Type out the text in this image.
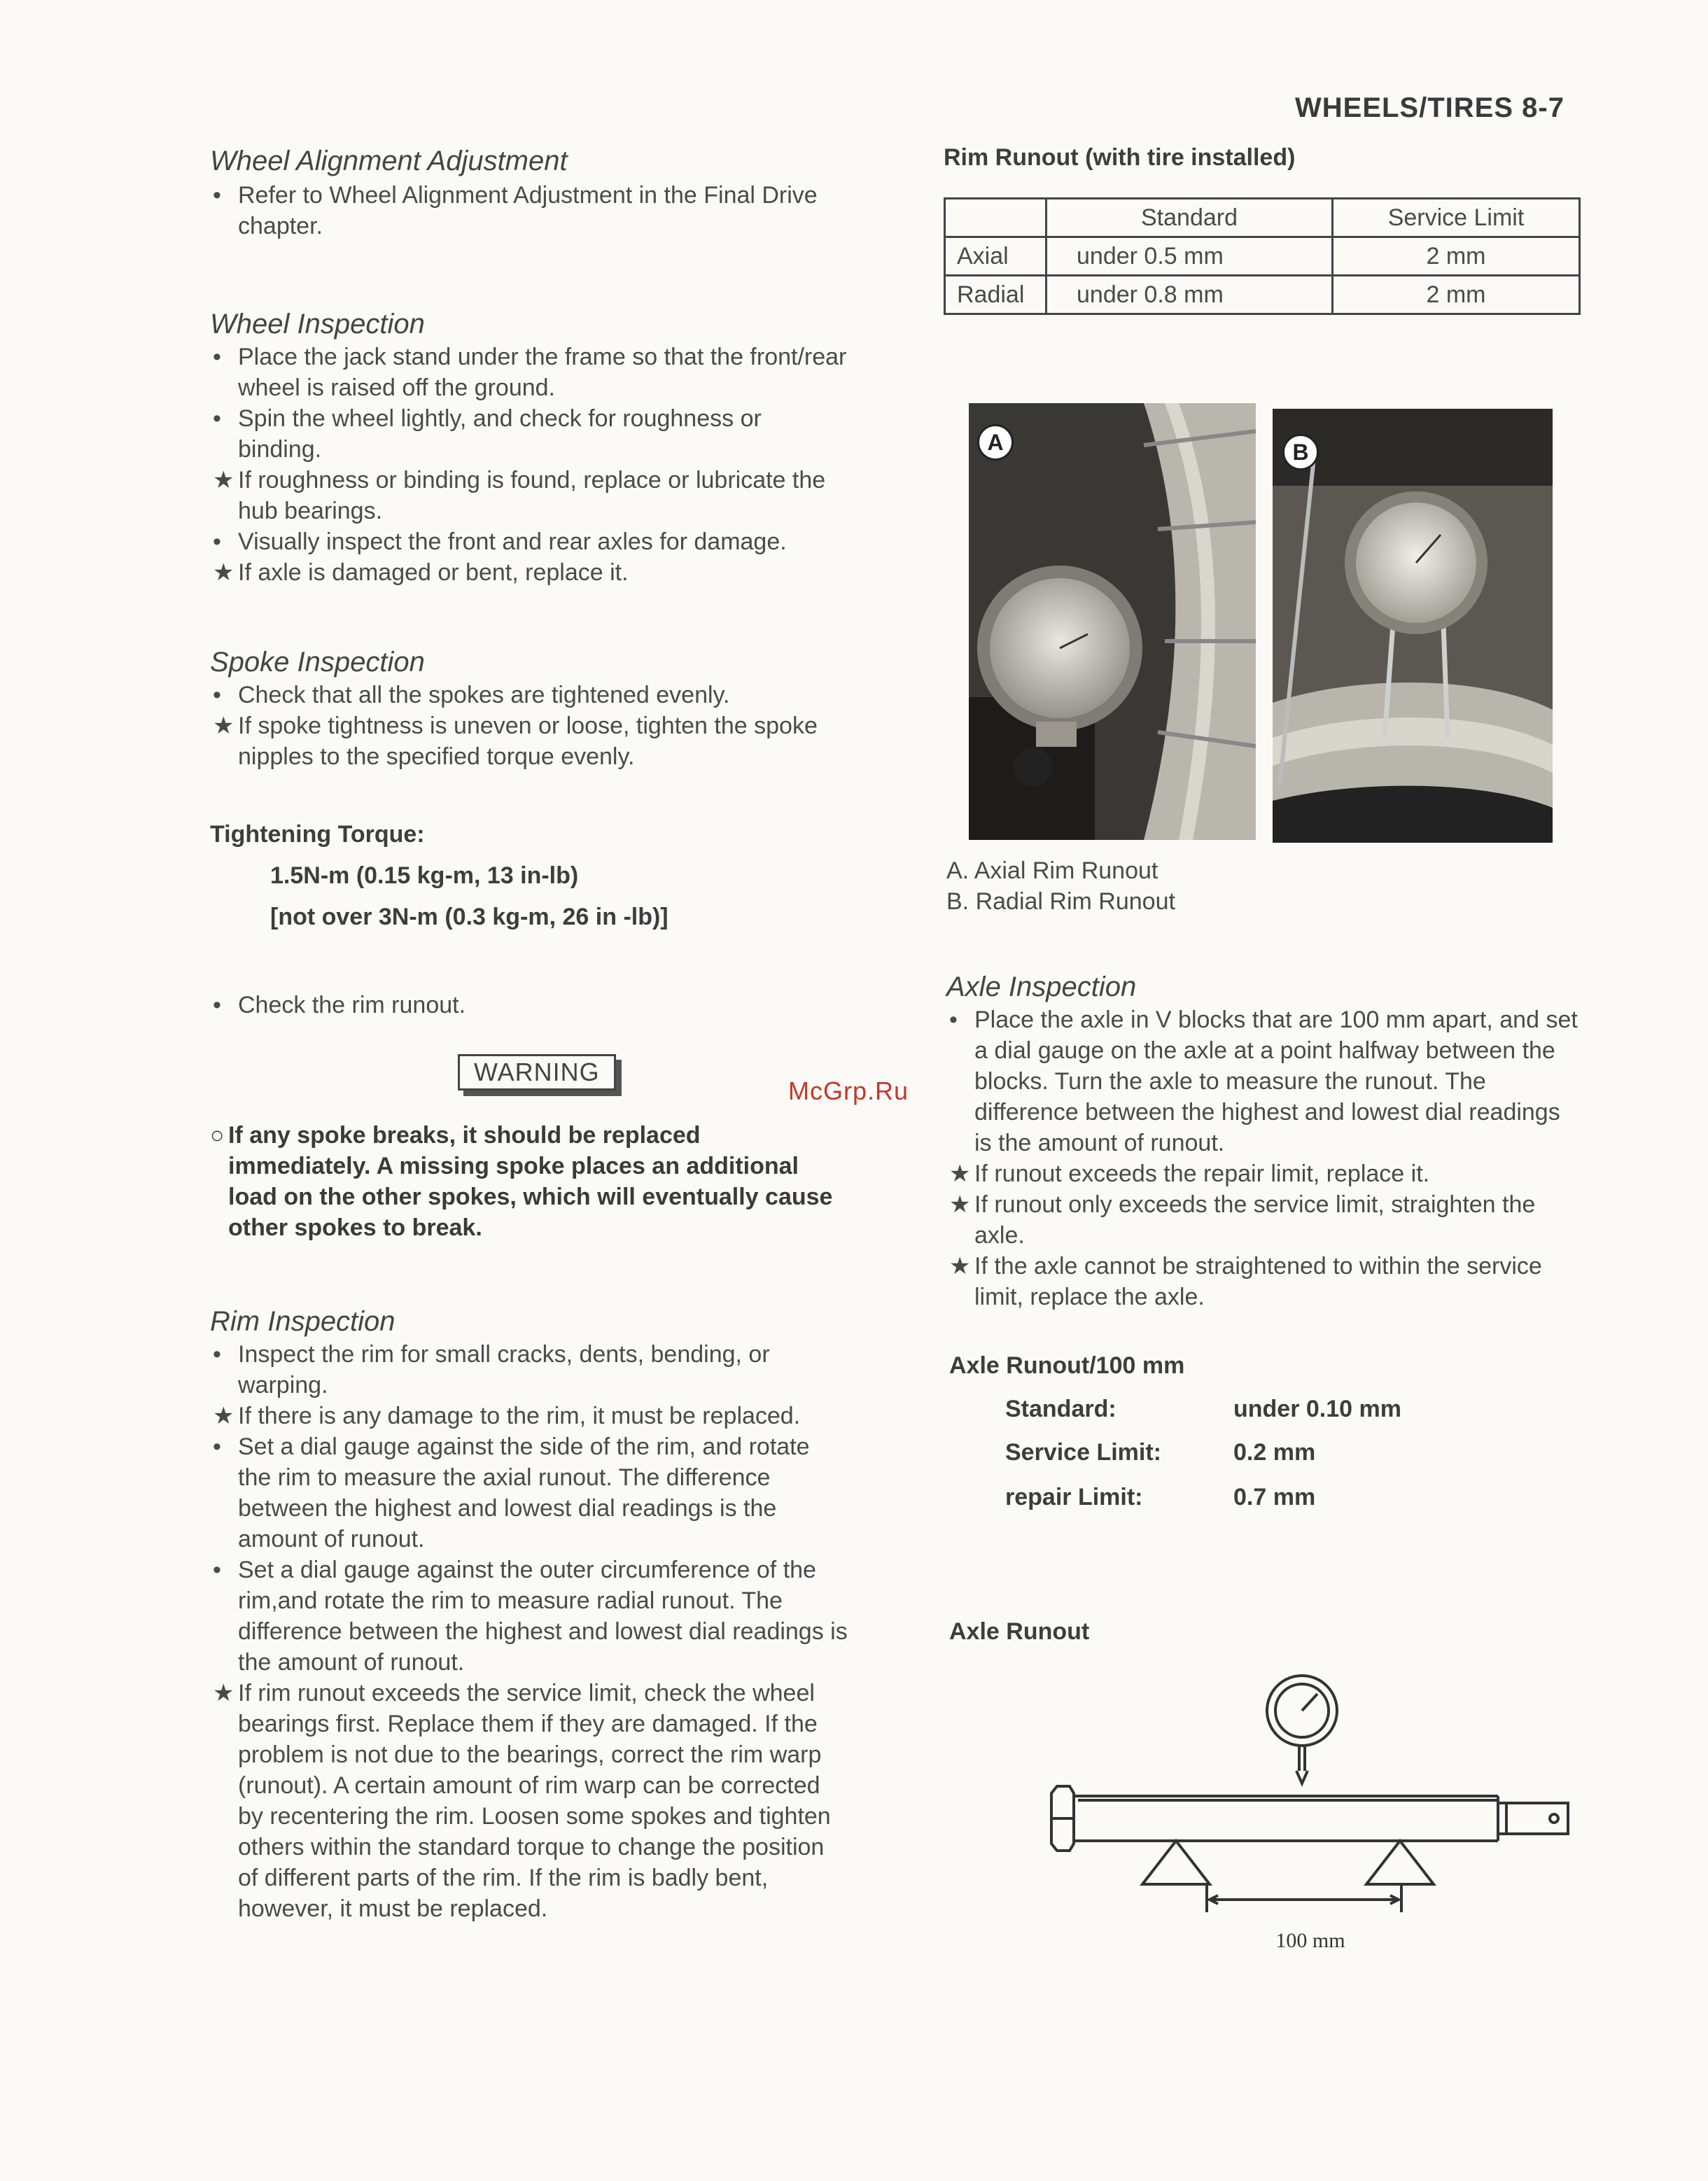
WHEELS/TIRES 8-7
Wheel Alignment Adjustment
• Refer to Wheel Alignment Adjustment in the Final Drive chapter.
Wheel Inspection
• Place the jack stand under the frame so that the front/rear wheel is raised off the ground.
• Spin the wheel lightly, and check for roughness or binding.
★ If roughness or binding is found, replace or lubricate the hub bearings.
• Visually inspect the front and rear axles for damage.
★ If axle is damaged or bent, replace it.
Spoke Inspection
• Check that all the spokes are tightened evenly.
★ If spoke tightness is uneven or loose, tighten the spoke nipples to the specified torque evenly.
Tightening Torque:
1.5N-m (0.15 kg-m, 13 in-lb)
[not over 3N-m (0.3 kg-m, 26 in -lb)]
• Check the rim runout.
WARNING
○ If any spoke breaks, it should be replaced immediately. A missing spoke places an additional load on the other spokes, which will eventually cause other spokes to break.
Rim Inspection
• Inspect the rim for small cracks, dents, bending, or warping.
★ If there is any damage to the rim, it must be replaced.
• Set a dial gauge against the side of the rim, and rotate the rim to measure the axial runout. The difference between the highest and lowest dial readings is the amount of runout.
• Set a dial gauge against the outer circumference of the rim,and rotate the rim to measure radial runout. The difference between the highest and lowest dial readings is the amount of runout.
★ If rim runout exceeds the service limit, check the wheel bearings first. Replace them if they are damaged. If the problem is not due to the bearings, correct the rim warp (runout). A certain amount of rim warp can be corrected by recentering the rim. Loosen some spokes and tighten others within the standard torque to change the position of different parts of the rim. If the rim is badly bent, however, it must be replaced.
Rim Runout (with tire installed)
	Standard	Service Limit
Axial	under 0.5 mm	2 mm
Radial	under 0.8 mm	2 mm
A	B
A. Axial Rim Runout
B. Radial Rim Runout
Axle Inspection
• Place the axle in V blocks that are 100 mm apart, and set a dial gauge on the axle at a point halfway between the blocks. Turn the axle to measure the runout. The difference between the highest and lowest dial readings is the amount of runout.
★ If runout exceeds the repair limit, replace it.
★ If runout only exceeds the service limit, straighten the axle.
★ If the axle cannot be straightened to within the service limit, replace the axle.
Axle Runout/100 mm
Standard:	under 0.10 mm
Service Limit:	0.2 mm
repair Limit:	0.7 mm
Axle Runout
100 mm
McGrp.Ru
